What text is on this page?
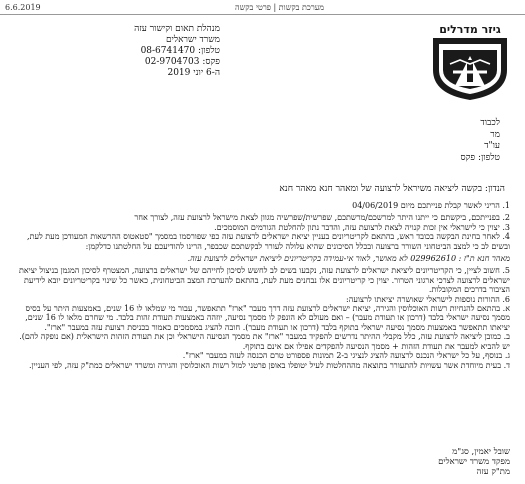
6.6.2019	מערכת בקשות | פרטי בקשה
מנהלת תאום וקישור עזה
משרד ישראלים
טלפון: 08-6741470
פקס: 02-9704703
ה-6 יוני 2019
גיזר מדרלים
לכבוד
מר
עו"ד
טלפון: פקס
הנדון: בקשה ליציאה משיראל לרצועה של ומאהר חנא מאהר חנא

1. הריני לאשר קבלת פנייתכם מיום 04/06/2019

2. בפנייתכם, ביקשתם כי ייתנו היתר למרשכם/מרשתכם, שפרשית/שפרשיה מגוון לצאת מישראל לרצועת עזה, לצורך אחר

3. יצוין כי לישראלי אין זכות קנויה לצאת לרצועת עזה, והדבר נתון להחלטת הגורמים המוסמכים.

4. לאחר בחינת הבקשה בכובד ראש, בהתאם לקריטריונים בעניין יציאת ישראלים לרצועת עזה כפי שפורסמו במסמך "סטאטוס ההרשאות המעודכן מעת לעת, ובשים לב כי למצב הביטחוני השורר ברצועה ובכלל הסיכונים שהיא עלולה לעורר לבקשתכם שכבפר, הרינו להודיעכם על החלטתנו כדלקמן:

מאהר חנא ת"ז : 029962610 לא מאושר, לאור אי-עמידה בקריטריונים ליציאת ישראלים לרצועת עזה.

5. חשוב לציין, כי הקריטריונים ליציאת ישראלים לרצועת עזה, נקבעו בשים לב לחשש לסיכון לחייהם של ישראלים ברצועה, המצטרף לסיכון המגמן בניצול יציאת ישראלים לרצועה לצרכי ארגוני הטרור. יצוין כי קריטריונים אלו נבחנים מעת לעת, בהתאם להערכת המצב הביטחונית, כאשר כל שינוי בקריטריונים יובא לידיעת הציבור בדרכים המקובלות.

6. ההורות נוספות לישראלי שאושרה יציאתו לרצועה:

א. בהתאם להנחיות רשות האוכלוסין והגירה, יציאת ישראלים לרצועת עזה דרך מעבר "ארז" תתאפשר, עבור מי שמלאו לו 16 שנים, באמצעות היתר על בסיס מסמך נסיעה ישראלי בלבד (דרכון או תעודת מעבר) – ואם מעולם לא הונפק לו מסמך נסיעה, יוזהה באמצעות תעודת זהות בלבד. מי שחרם מלאו לו 16 שנים, יציאתו תתאפשר באמצעות מסמך נסיעה ישראלי בתוקף בלבד (דרכון או תעודת מעבר). חובה להציג במסמכים כאמור בכניסת רצועת עזה במעבר "ארז".

ב. כמובן ליציאה לרצועת עזה, כלל מקבלי ההיתר נדרשים להפקיד במעבר "ארז" את מסמך הנסיעה הישראלי וכן את תעודת הזהות הישראלית (אם נופקה להם). יש להביא למעבר את תעודת הזהות + מסמך הנסיעה להפקדים אפילו אם אינם בתוקף.

ג. בנוסף, על כל ישראלי הנכנס לרצועה להציג לנציגי ב-2 תמונות פספורט טרם הכנסה לעזה במעבר "ארז".

ד. בעית מיוחדת אשר עשויות להתעורר בתוצאה מההחלטות לעיל יטופלו באופן פרטני למול רשות האוכלוסין והגירה ומשרד ישראלים כמת"ק עזה, לפי העניין.

שובל יאמין, סג"מ
מפקד משרד ישראלים
מת"ק עזה
